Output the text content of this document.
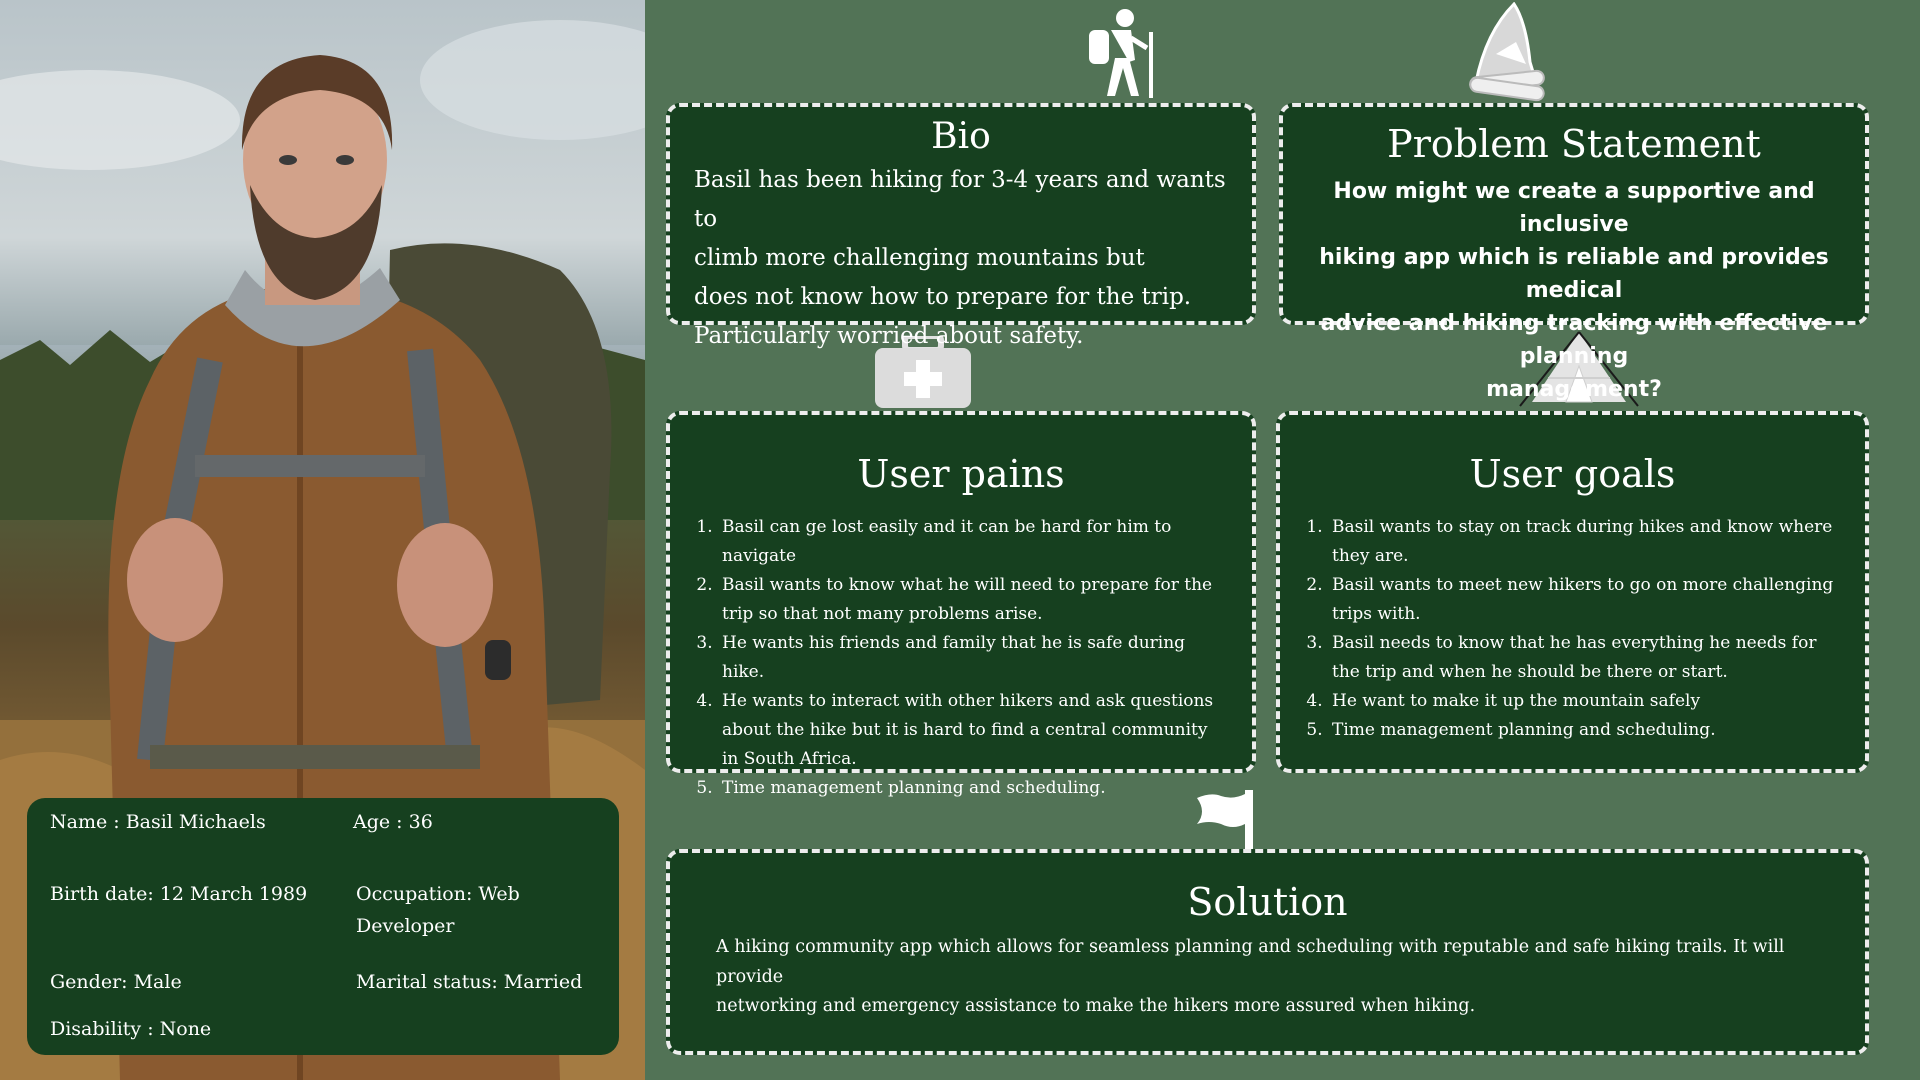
Name : Basil Michaels	Age : 36
Birth date: 12 March 1989	Occupation: Web
Developer
Gender: Male	Marital status: Married
Disability : None
Bio
Basil has been hiking for 3-4 years and wants to
climb more challenging mountains but
does not know how to prepare for the trip.
Particularly worried about safety.
Problem Statement
How might we create a supportive and inclusive
hiking app which is reliable and provides medical
advice and hiking tracking with effective planning
management?
User pains
1. Basil can ge lost easily and it can be hard for him to navigate
2. Basil wants to know what he will need to prepare for the trip so that not many problems arise.
3. He wants his friends and family that he is safe during hike.
4. He wants to interact with other hikers and ask questions about the hike but it is hard to find a central community in South Africa.
5. Time management planning and scheduling.
User goals
1. Basil wants to stay on track during hikes and know where they are.
2. Basil wants to meet new hikers to go on more challenging trips with.
3. Basil needs to know that he has everything he needs for the trip and when he should be there or start.
4. He want to make it up the mountain safely
5. Time management planning and scheduling.
Solution
A hiking community app which allows for seamless planning and scheduling with reputable and safe hiking trails. It will provide
networking and emergency assistance to make the hikers more assured when hiking.
